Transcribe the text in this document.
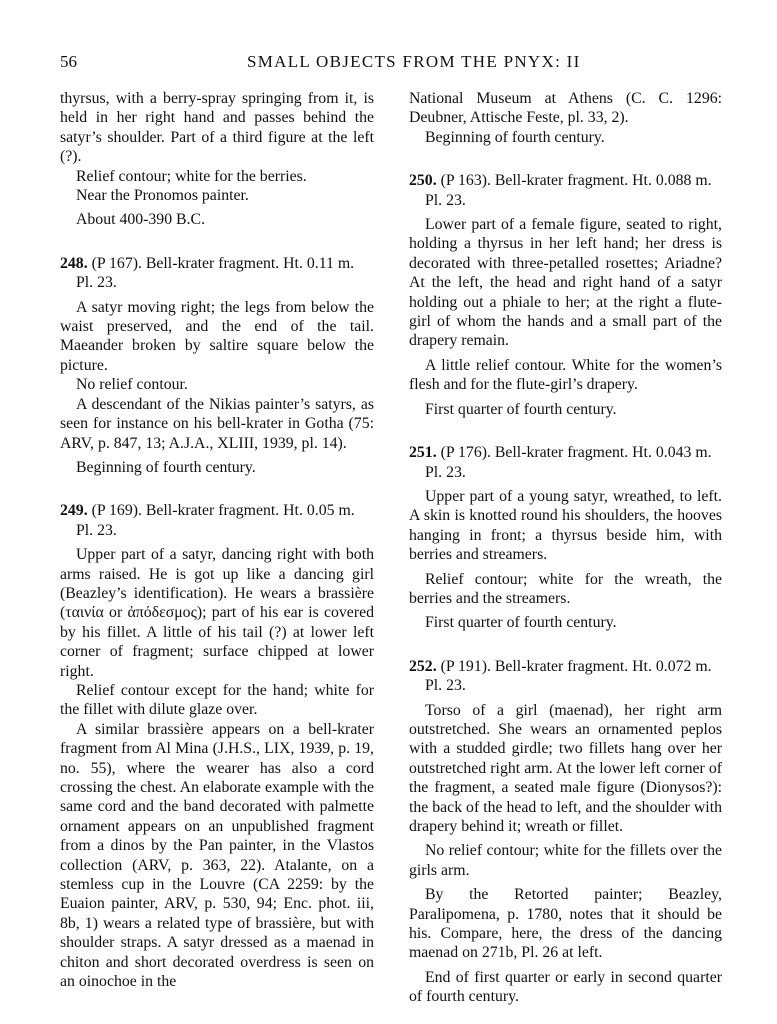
56	SMALL OBJECTS FROM THE PNYX: II

thyrsus, with a berry-spray springing from it, is held in her right hand and passes behind the satyr’s shoulder. Part of a third figure at the left (?).

Relief contour; white for the berries.

Near the Pronomos painter.

About 400-390 B.C.

248. (P 167). Bell-krater fragment. Ht. 0.11 m. Pl. 23.

A satyr moving right; the legs from below the waist preserved, and the end of the tail. Maeander broken by saltire square below the picture.

No relief contour.

A descendant of the Nikias painter’s satyrs, as seen for instance on his bell-krater in Gotha (75: ARV, p. 847, 13; A.J.A., XLIII, 1939, pl. 14).

Beginning of fourth century.

249. (P 169). Bell-krater fragment. Ht. 0.05 m. Pl. 23.

Upper part of a satyr, dancing right with both arms raised. He is got up like a dancing girl (Beazley’s identification). He wears a brassière (ταινία or ἀπόδεσμος); part of his ear is covered by his fillet. A little of his tail (?) at lower left corner of fragment; surface chipped at lower right.

Relief contour except for the hand; white for the fillet with dilute glaze over.

A similar brassière appears on a bell-krater fragment from Al Mina (J.H.S., LIX, 1939, p. 19, no. 55), where the wearer has also a cord crossing the chest. An elaborate example with the same cord and the band decorated with palmette ornament appears on an unpublished fragment from a dinos by the Pan painter, in the Vlastos collection (ARV, p. 363, 22). Atalante, on a stemless cup in the Louvre (CA 2259: by the Euaion painter, ARV, p. 530, 94; Enc. phot. iii, 8b, 1) wears a related type of brassière, but with shoulder straps. A satyr dressed as a maenad in chiton and short decorated overdress is seen on an oinochoe in the

National Museum at Athens (C. C. 1296: Deubner, Attische Feste, pl. 33, 2).

Beginning of fourth century.

250. (P 163). Bell-krater fragment. Ht. 0.088 m. Pl. 23.

Lower part of a female figure, seated to right, holding a thyrsus in her left hand; her dress is decorated with three-petalled rosettes; Ariadne? At the left, the head and right hand of a satyr holding out a phiale to her; at the right a flute-girl of whom the hands and a small part of the drapery remain.

A little relief contour. White for the women’s flesh and for the flute-girl’s drapery.

First quarter of fourth century.

251. (P 176). Bell-krater fragment. Ht. 0.043 m. Pl. 23.

Upper part of a young satyr, wreathed, to left. A skin is knotted round his shoulders, the hooves hanging in front; a thyrsus beside him, with berries and streamers.

Relief contour; white for the wreath, the berries and the streamers.

First quarter of fourth century.

252. (P 191). Bell-krater fragment. Ht. 0.072 m. Pl. 23.

Torso of a girl (maenad), her right arm outstretched. She wears an ornamented peplos with a studded girdle; two fillets hang over her outstretched right arm. At the lower left corner of the fragment, a seated male figure (Dionysos?): the back of the head to left, and the shoulder with drapery behind it; wreath or fillet.

No relief contour; white for the fillets over the girls arm.

By the Retorted painter; Beazley, Paralipomena, p. 1780, notes that it should be his. Compare, here, the dress of the dancing maenad on 271b, Pl. 26 at left.

End of first quarter or early in second quarter of fourth century.
